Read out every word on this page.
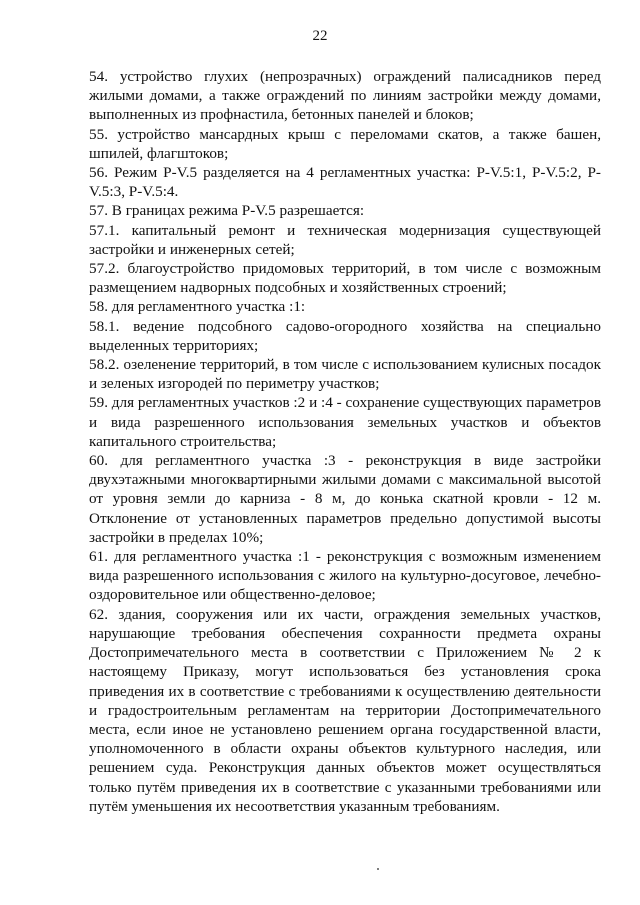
22

54. устройство глухих (непрозрачных) ограждений палисадников перед жилыми домами, а также ограждений по линиям застройки между домами, выполненных из профнастила, бетонных панелей и блоков;

55. устройство мансардных крыш с переломами скатов, а также башен, шпилей, флагштоков;

56. Режим Р-V.5 разделяется на 4 регламентных участка: Р-V.5:1, Р-V.5:2, Р-V.5:3, Р-V.5:4.

57. В границах режима Р-V.5 разрешается:

57.1. капитальный ремонт и техническая модернизация существующей застройки и инженерных сетей;

57.2. благоустройство придомовых территорий, в том числе с возможным размещением надворных подсобных и хозяйственных строений;

58. для регламентного участка :1:

58.1. ведение подсобного садово-огородного хозяйства на специально выделенных территориях;

58.2. озеленение территорий, в том числе с использованием кулисных посадок и зеленых изгородей по периметру участков;

59. для регламентных участков :2 и :4 - сохранение существующих параметров и вида разрешенного использования земельных участков и объектов капитального строительства;

60. для регламентного участка :3 - реконструкция в виде застройки двухэтажными многоквартирными жилыми домами с максимальной высотой от уровня земли до карниза - 8 м, до конька скатной кровли - 12 м. Отклонение от установленных параметров предельно допустимой высоты застройки в пределах 10%;

61. для регламентного участка :1 - реконструкция с возможным изменением вида разрешенного использования с жилого на культурно-досуговое, лечебно-оздоровительное или общественно-деловое;

62. здания, сооружения или их части, ограждения земельных участков, нарушающие требования обеспечения сохранности предмета охраны Достопримечательного места в соответствии с Приложением № 2 к настоящему Приказу, могут использоваться без установления срока приведения их в соответствие с требованиями к осуществлению деятельности и градостроительным регламентам на территории Достопримечательного места, если иное не установлено решением органа государственной власти, уполномоченного в области охраны объектов культурного наследия, или решением суда. Реконструкция данных объектов может осуществляться только путём приведения их в соответствие с указанными требованиями или путём уменьшения их несоответствия указанным требованиям.
